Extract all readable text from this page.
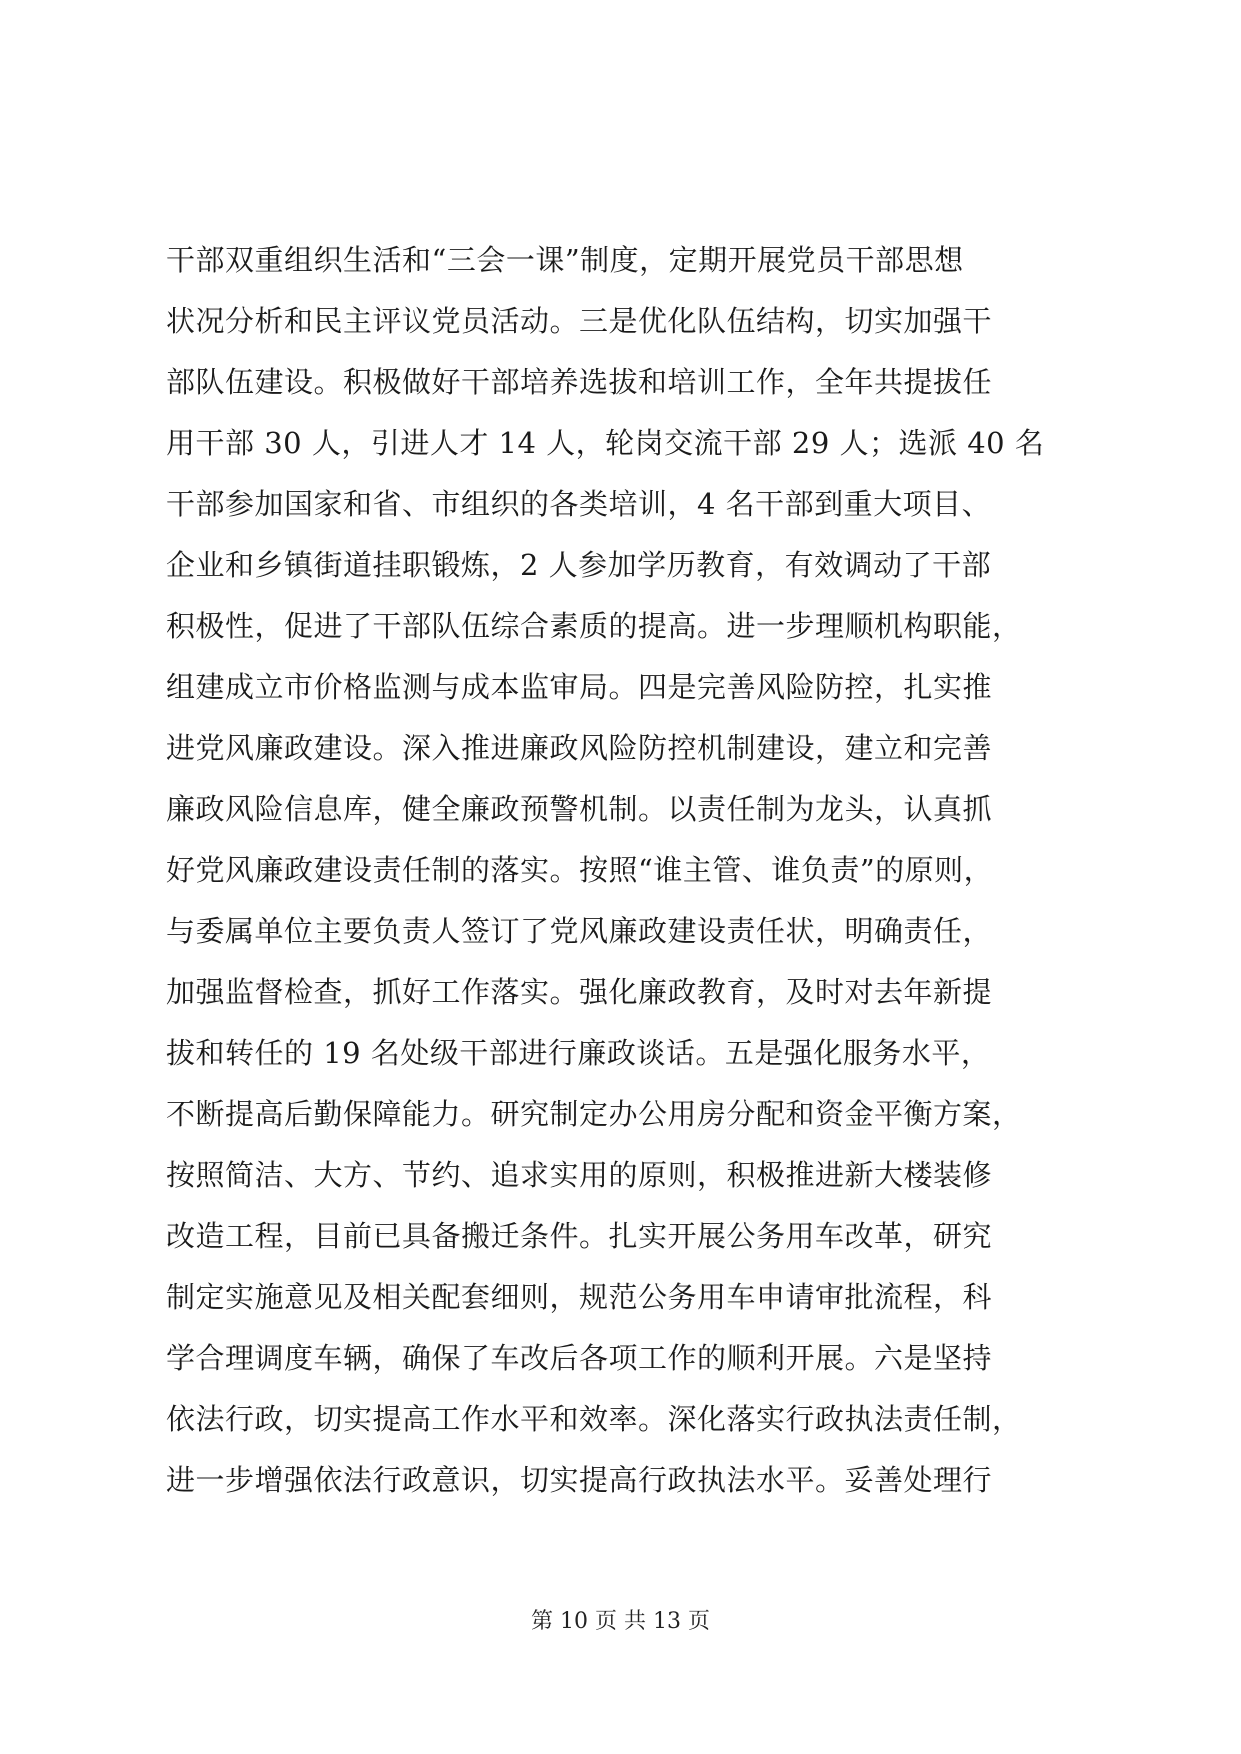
干部双重组织生活和“三会一课”制度，定期开展党员干部思想
状况分析和民主评议党员活动。三是优化队伍结构，切实加强干
部队伍建设。积极做好干部培养选拔和培训工作，全年共提拔任
用干部 30 人，引进人才 14 人，轮岗交流干部 29 人；选派 40 名
干部参加国家和省、市组织的各类培训，4 名干部到重大项目、
企业和乡镇街道挂职锻炼，2 人参加学历教育，有效调动了干部
积极性，促进了干部队伍综合素质的提高。进一步理顺机构职能，
组建成立市价格监测与成本监审局。四是完善风险防控，扎实推
进党风廉政建设。深入推进廉政风险防控机制建设，建立和完善
廉政风险信息库，健全廉政预警机制。以责任制为龙头，认真抓
好党风廉政建设责任制的落实。按照“谁主管、谁负责”的原则，
与委属单位主要负责人签订了党风廉政建设责任状，明确责任，
加强监督检查，抓好工作落实。强化廉政教育，及时对去年新提
拔和转任的 19 名处级干部进行廉政谈话。五是强化服务水平，
不断提高后勤保障能力。研究制定办公用房分配和资金平衡方案，
按照简洁、大方、节约、追求实用的原则，积极推进新大楼装修
改造工程，目前已具备搬迁条件。扎实开展公务用车改革，研究
制定实施意见及相关配套细则，规范公务用车申请审批流程，科
学合理调度车辆，确保了车改后各项工作的顺利开展。六是坚持
依法行政，切实提高工作水平和效率。深化落实行政执法责任制，
进一步增强依法行政意识，切实提高行政执法水平。妥善处理行
第 10 页 共 13 页
